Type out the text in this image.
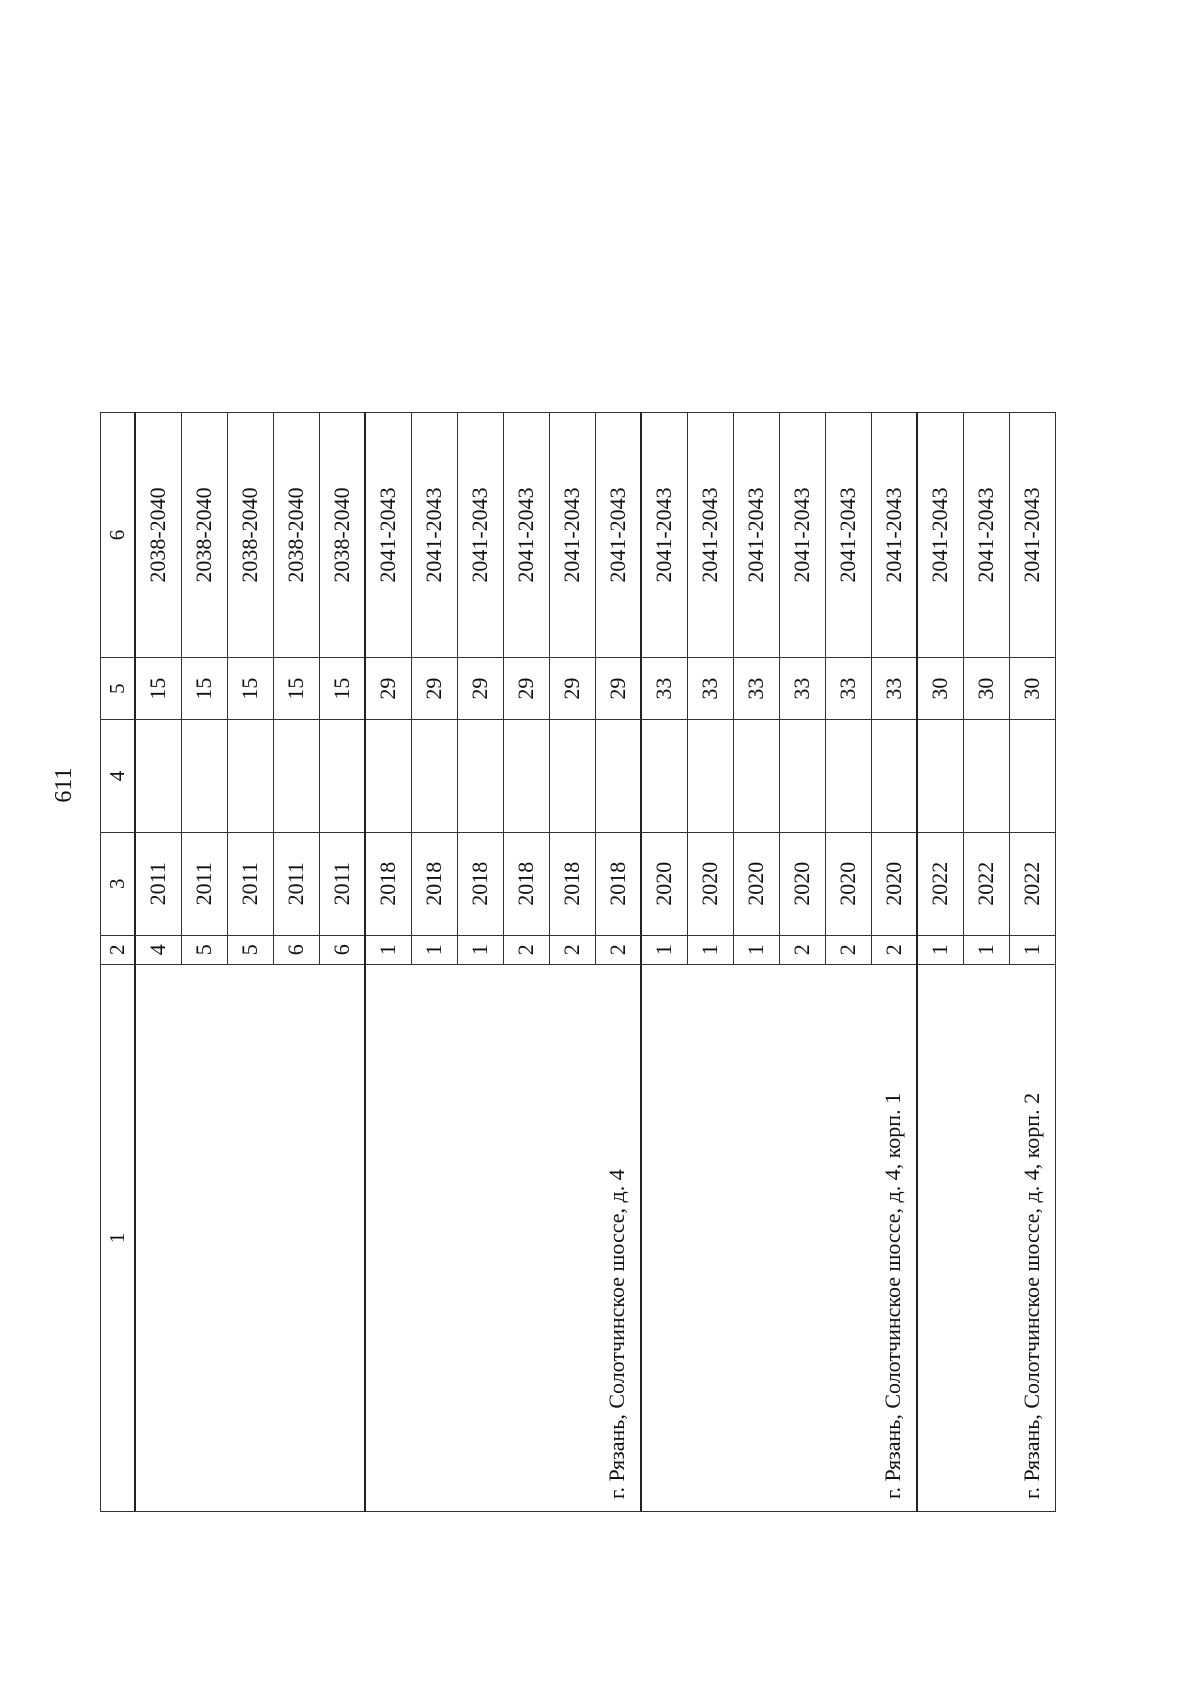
611
1	2	3	4	5	6
	4	2011		15	2038-2040
	5	2011		15	2038-2040
	5	2011		15	2038-2040
	6	2011		15	2038-2040
	6	2011		15	2038-2040
г. Рязань, Солотчинское шоссе, д. 4	1	2018		29	2041-2043
	1	2018		29	2041-2043
	1	2018		29	2041-2043
	2	2018		29	2041-2043
	2	2018		29	2041-2043
	2	2018		29	2041-2043
г. Рязань, Солотчинское шоссе, д. 4, корп. 1	1	2020		33	2041-2043
	1	2020		33	2041-2043
	1	2020		33	2041-2043
	2	2020		33	2041-2043
	2	2020		33	2041-2043
	2	2020		33	2041-2043
г. Рязань, Солотчинское шоссе, д. 4, корп. 2	1	2022		30	2041-2043
	1	2022		30	2041-2043
	1	2022		30	2041-2043
